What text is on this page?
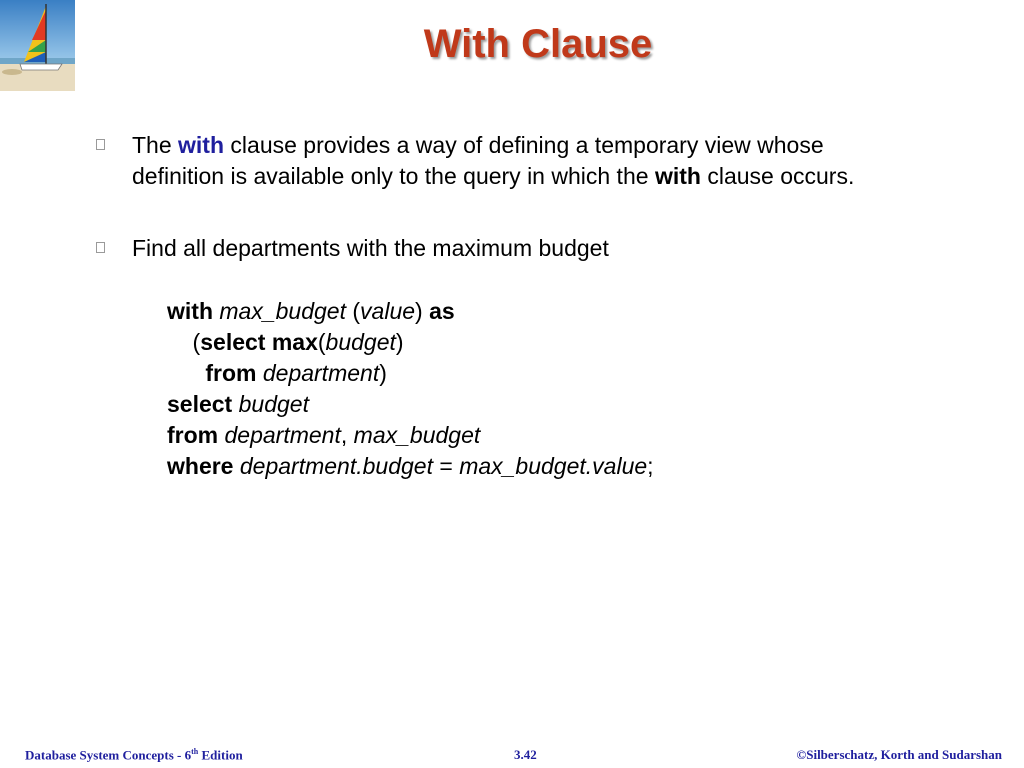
With Clause
The with clause provides a way of defining a temporary view whose definition is available only to the query in which the with clause occurs.
Find all departments with the maximum budget
with max_budget (value) as
(select max(budget)
from department)
select budget
from department, max_budget
where department.budget = max_budget.value;
Database System Concepts - 6th Edition	3.42	©Silberschatz, Korth and Sudarshan
